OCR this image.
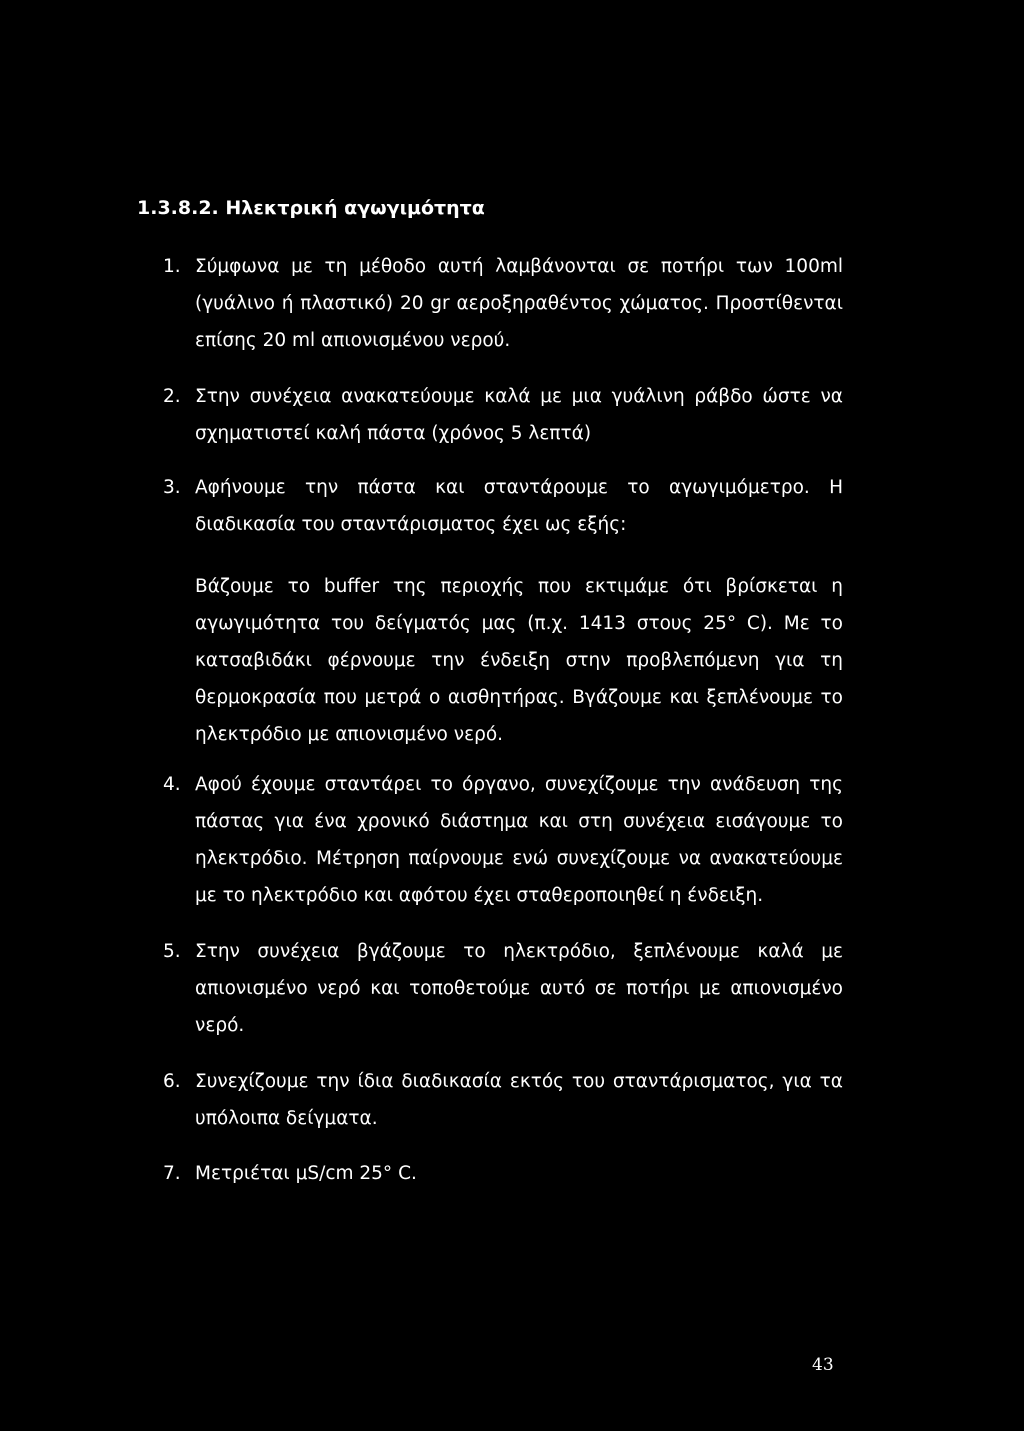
1.3.8.2. Ηλεκτρική αγωγιμότητα
1. Σύμφωνα με τη μέθοδο αυτή λαμβάνονται σε ποτήρι των 100ml (γυάλινο ή πλαστικό) 20 gr αεροξηραθέντος χώματος. Προστίθενται επίσης 20 ml απιονισμένου νερού.

2. Στην συνέχεια ανακατεύουμε καλά με μια γυάλινη ράβδο ώστε να σχηματιστεί καλή πάστα (χρόνος 5 λεπτά)

3. Αφήνουμε την πάστα και σταντάρουμε το αγωγιμόμετρο. Η διαδικασία του σταντάρισματος έχει ως εξής:

Βάζουμε το buffer της περιοχής που εκτιμάμε ότι βρίσκεται η αγωγιμότητα του δείγματός μας (π.χ. 1413 στους 25° C). Με το κατσαβιδάκι φέρνουμε την ένδειξη στην προβλεπόμενη για τη θερμοκρασία που μετρά ο αισθητήρας. Βγάζουμε και ξεπλένουμε το ηλεκτρόδιο με απιονισμένο νερό.
4. Αφού έχουμε σταντάρει το όργανο, συνεχίζουμε την ανάδευση της πάστας για ένα χρονικό διάστημα και στη συνέχεια εισάγουμε το ηλεκτρόδιο. Μέτρηση παίρνουμε ενώ συνεχίζουμε να ανακατεύουμε με το ηλεκτρόδιο και αφότου έχει σταθεροποιηθεί η ένδειξη.

5. Στην συνέχεια βγάζουμε το ηλεκτρόδιο, ξεπλένουμε καλά με απιονισμένο νερό και τοποθετούμε αυτό σε ποτήρι με απιονισμένο νερό.

6. Συνεχίζουμε την ίδια διαδικασία εκτός του σταντάρισματος, για τα υπόλοιπα δείγματα.

7. Μετριέται μS/cm 25° C.

43
